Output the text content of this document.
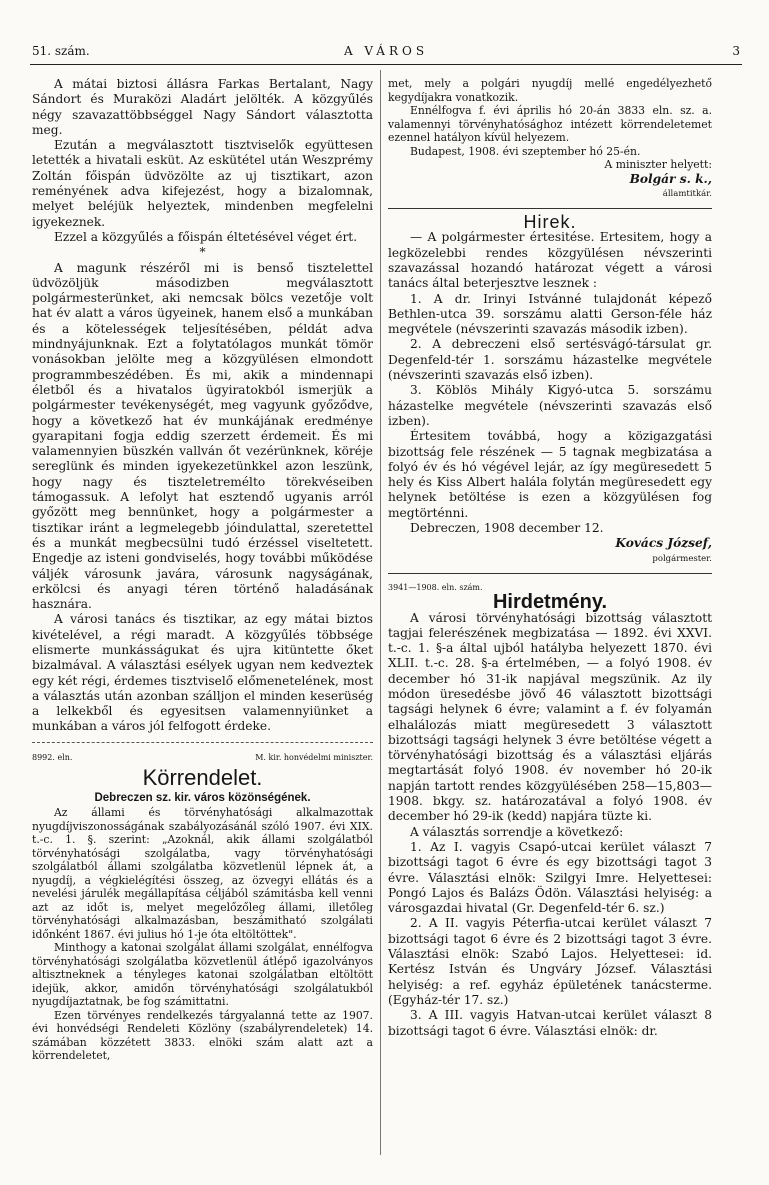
51. szám.	A VÁROS	3

A mátai biztosi állásra Farkas Bertalant, Nagy Sándort és Muraközi Aladárt jelölték. A közgyűlés négy szavazattöbbséggel Nagy Sándort választotta meg.

Ezután a megválasztott tisztviselők együttesen letették a hivatali esküt. Az eskütétel után Weszprémy Zoltán főispán üdvözölte az uj tisztikart, azon reményének adva kifejezést, hogy a bizalomnak, melyet beléjük helyeztek, mindenben megfelelni igyekeznek.

Ezzel a közgyűlés a főispán éltetésével véget ért.

*

A magunk részéről mi is benső tisztelettel üdvözöljük másodizben megválasztott polgármesterünket, aki nemcsak bölcs vezetője volt hat év alatt a város ügyeinek, hanem első a munkában és a kötelességek teljesítésében, példát adva mindnyájunknak. Ezt a folytatólagos munkát tömör vonásokban jelölte meg a közgyülésen elmondott programmbeszédében. És mi, akik a mindennapi életből és a hivatalos ügyiratokból ismerjük a polgármester tevékenységét, meg vagyunk győződve, hogy a következő hat év munkájának eredménye gyarapitani fogja eddig szerzett érdemeit. És mi valamennyien büszkén vallván őt vezérünknek, köréje sereglünk és minden igyekezetünkkel azon leszünk, hogy nagy és tiszteletremélto törekvéseiben támogassuk. A lefolyt hat esztendő ugyanis arról győzött meg bennünket, hogy a polgármester a tisztikar iránt a legmelegebb jóindulattal, szeretettel és a munkát megbecsülni tudó érzéssel viseltetett. Engedje az isteni gondviselés, hogy további működése váljék városunk javára, városunk nagyságának, erkölcsi és anyagi téren történő haladásának hasznára.

A városi tanács és tisztikar, az egy mátai biztos kivételével, a régi maradt. A közgyűlés többsége elismerte munkásságukat és ujra kitüntette őket bizalmával. A választási esélyek ugyan nem kedveztek egy két régi, érdemes tisztviselő előmenetelének, most a választás után azonban szálljon el minden keserüség a lelkekből és egyesitsen valamennyiünket a munkában a város jól felfogott érdeke.

8992. eln.	M. kir. honvédelmi miniszter.
Körrendelet.
Debreczen sz. kir. város közönségének.

Az állami és törvényhatósági alkalmazottak nyugdíjviszonosságának szabályozásánál szóló 1907. évi XIX. t.-c. 1. §. szerint: „Azoknál, akik állami szolgálatból törvényhatósági szolgálatba, vagy törvényhatósági szolgálatból állami szolgálatba közvetlenül lépnek át, a nyugdíj, a végkielégítési összeg, az özvegyi ellátás és a nevelési járulék megállapítása céljából számitásba kell venni azt az időt is, melyet megelőzőleg állami, illetőleg törvényhatósági alkalmazásban, beszámitható szolgálati időnként 1867. évi julius hó 1-je óta eltöltöttek".

Minthogy a katonai szolgálat állami szolgálat, ennélfogva törvényhatósági szolgálatba közvetlenül átlépő igazolványos altisztneknek a tényleges katonai szolgálatban eltöltött idejük, akkor, amidőn törvényhatósági szolgálatukból nyugdíjaztatnak, be fog számittatni.

Ezen törvényes rendelkezés tárgyalanná tette az 1907. évi honvédségi Rendeleti Közlöny (szabályrendeletek) 14. számában közzétett 3833. elnöki szám alatt azt a körrendeletet,

met, mely a polgári nyugdíj mellé engedélyezhető kegydíjakra vonatkozik.

Ennélfogva f. évi április hó 20-án 3833 eln. sz. a. valamennyi törvényhatósághoz intézett körrendeletemet ezennel hatályon kívül helyezem.

Budapest, 1908. évi szeptember hó 25-én.

A miniszter helyett:
Bolgár s. k.,
államtitkár.
Hirek.

— A polgármester értesitése. Ertesitem, hogy a legközelebbi rendes közgyülésen névszerinti szavazással hozandó határozat végett a városi tanács által beterjesztve lesznek :

1. A dr. Irinyi Istvánné tulajdonát képező Bethlen-utca 39. sorszámu alatti Gerson-féle ház megvétele (névszerinti szavazás második izben).

2. A debreczeni első sertésvágó-társulat gr. Degenfeld-tér 1. sorszámu házastelke megvétele (névszerinti szavazás első izben).

3. Köblös Mihály Kigyó-utca 5. sorszámu házastelke megvétele (névszerinti szavazás első izben).

Értesitem továbbá, hogy a közigazgatási bizottság fele részének — 5 tagnak megbizatása a folyó év és hó végével lejár, az így megüresedett 5 hely és Kiss Albert halála folytán megüresedett egy helynek betöltése is ezen a közgyülésen fog megtörténni.

Debreczen, 1908 december 12.

Kovács József,
polgármester.
3941—1908. eln. szám.
Hirdetmény.

A városi törvényhatósági bizottság választott tagjai felerészének megbizatása — 1892. évi XXVI. t.-c. 1. §-a által ujból hatályba helyezett 1870. évi XLII. t.-c. 28. §-a értelmében, — a folyó 1908. év december hó 31-ik napjával megszünik. Az ily módon üresedésbe jövő 46 választott bizottsági tagsági helynek 6 évre; valamint a f. év folyamán elhalálozás miatt megüresedett 3 választott bizottsági tagsági helynek 3 évre betöltése végett a törvényhatósági bizottság és a választási eljárás megtartását folyó 1908. év november hó 20-ik napján tartott rendes közgyülésében 258—15,803—1908. bkgy. sz. határozatával a folyó 1908. év december hó 29-ik (kedd) napjára tüzte ki.

A választás sorrendje a következő:

1. Az I. vagyis Csapó-utcai kerület választ 7 bizottsági tagot 6 évre és egy bizottsági tagot 3 évre. Választási elnök: Szilgyi Imre. Helyettesei: Pongó Lajos és Balázs Ödön. Választási helyiség: a városgazdai hivatal (Gr. Degenfeld-tér 6. sz.)

2. A II. vagyis Péterfia-utcai kerület választ 7 bizottsági tagot 6 évre és 2 bizottsági tagot 3 évre. Választási elnök: Szabó Lajos. Helyettesei: id. Kertész István és Ungváry József. Választási helyiség: a ref. egyház épületének tanácsterme. (Egyház-tér 17. sz.)

3. A III. vagyis Hatvan-utcai kerület választ 8 bizottsági tagot 6 évre. Választási elnök: dr.
